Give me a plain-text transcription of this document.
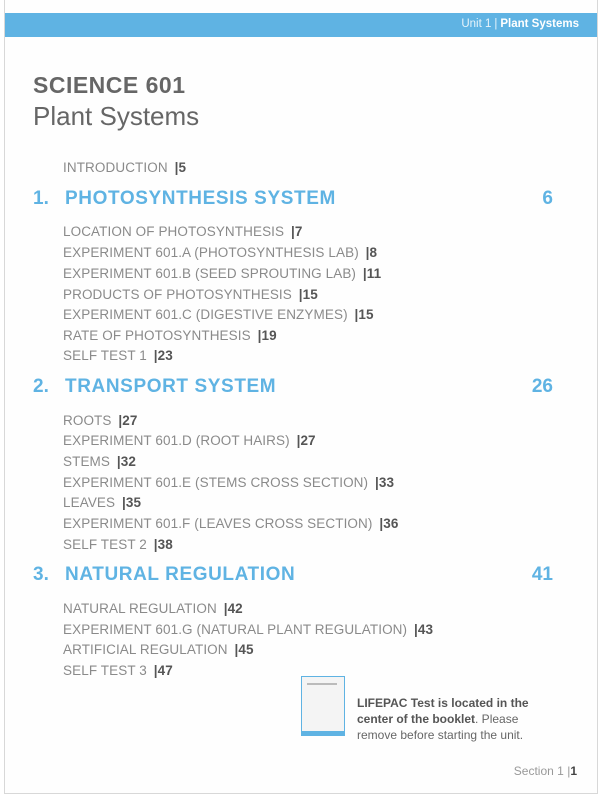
Unit 1 | Plant Systems
SCIENCE 601
Plant Systems
INTRODUCTION |5
1. PHOTOSYNTHESIS SYSTEM	6
LOCATION OF PHOTOSYNTHESIS |7
EXPERIMENT 601.A (PHOTOSYNTHESIS LAB) |8
EXPERIMENT 601.B (SEED SPROUTING LAB) |11
PRODUCTS OF PHOTOSYNTHESIS |15
EXPERIMENT 601.C (DIGESTIVE ENZYMES) |15
RATE OF PHOTOSYNTHESIS |19
SELF TEST 1 |23
2. TRANSPORT SYSTEM	26
ROOTS |27
EXPERIMENT 601.D (ROOT HAIRS) |27
STEMS |32
EXPERIMENT 601.E (STEMS CROSS SECTION) |33
LEAVES |35
EXPERIMENT 601.F (LEAVES CROSS SECTION) |36
SELF TEST 2 |38
3. NATURAL REGULATION	41
NATURAL REGULATION |42
EXPERIMENT 601.G (NATURAL PLANT REGULATION) |43
ARTIFICIAL REGULATION |45
SELF TEST 3 |47
LIFEPAC Test is located in the center of the booklet. Please remove before starting the unit.
Section 1 |1
